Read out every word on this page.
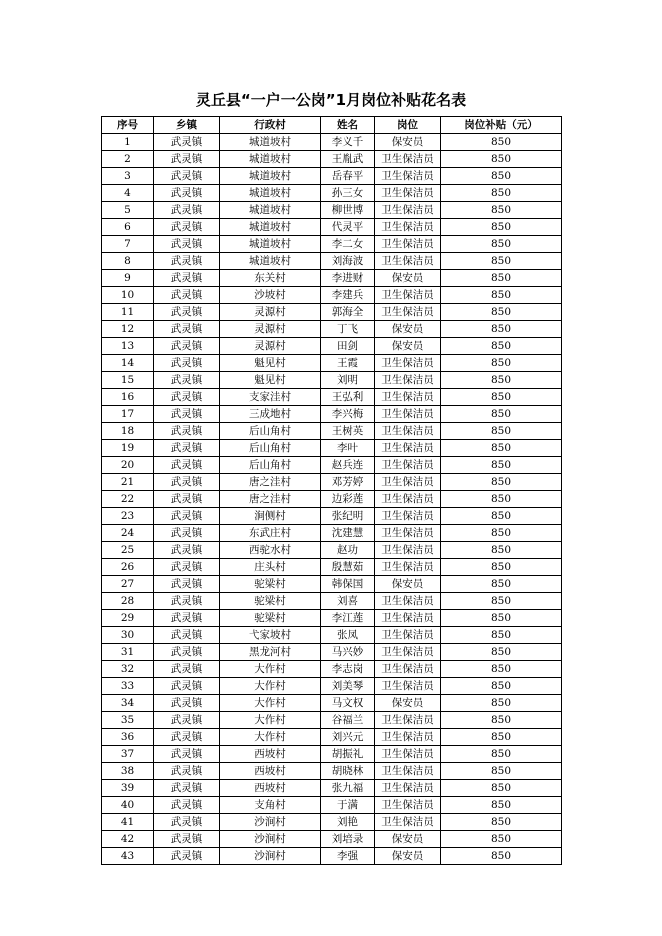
灵丘县“一户一公岗”1月岗位补贴花名表
序号	乡镇	行政村	姓名	岗位	岗位补贴（元）
1	武灵镇	城道坡村	李义千	保安员	850
2	武灵镇	城道坡村	王胤武	卫生保洁员	850
3	武灵镇	城道坡村	岳春平	卫生保洁员	850
4	武灵镇	城道坡村	孙三女	卫生保洁员	850
5	武灵镇	城道坡村	柳世博	卫生保洁员	850
6	武灵镇	城道坡村	代灵平	卫生保洁员	850
7	武灵镇	城道坡村	李二女	卫生保洁员	850
8	武灵镇	城道坡村	刘海波	卫生保洁员	850
9	武灵镇	东关村	李进财	保安员	850
10	武灵镇	沙坡村	李建兵	卫生保洁员	850
11	武灵镇	灵源村	郭海全	卫生保洁员	850
12	武灵镇	灵源村	丁飞	保安员	850
13	武灵镇	灵源村	田剑	保安员	850
14	武灵镇	魁见村	王霞	卫生保洁员	850
15	武灵镇	魁见村	刘明	卫生保洁员	850
16	武灵镇	支家洼村	王弘利	卫生保洁员	850
17	武灵镇	三成地村	李兴梅	卫生保洁员	850
18	武灵镇	后山角村	王树英	卫生保洁员	850
19	武灵镇	后山角村	李叶	卫生保洁员	850
20	武灵镇	后山角村	赵兵连	卫生保洁员	850
21	武灵镇	唐之洼村	邓芳婷	卫生保洁员	850
22	武灵镇	唐之洼村	边彩莲	卫生保洁员	850
23	武灵镇	涧侧村	张纪明	卫生保洁员	850
24	武灵镇	东武庄村	沈建慧	卫生保洁员	850
25	武灵镇	西驼水村	赵功	卫生保洁员	850
26	武灵镇	庄头村	殷慧茹	卫生保洁员	850
27	武灵镇	驼梁村	韩保国	保安员	850
28	武灵镇	驼梁村	刘喜	卫生保洁员	850
29	武灵镇	驼梁村	李江莲	卫生保洁员	850
30	武灵镇	弋家坡村	张凤	卫生保洁员	850
31	武灵镇	黑龙河村	马兴妙	卫生保洁员	850
32	武灵镇	大作村	李志岗	卫生保洁员	850
33	武灵镇	大作村	刘美琴	卫生保洁员	850
34	武灵镇	大作村	马文权	保安员	850
35	武灵镇	大作村	谷福兰	卫生保洁员	850
36	武灵镇	大作村	刘兴元	卫生保洁员	850
37	武灵镇	西坡村	胡振礼	卫生保洁员	850
38	武灵镇	西坡村	胡晓林	卫生保洁员	850
39	武灵镇	西坡村	张九福	卫生保洁员	850
40	武灵镇	支角村	于满	卫生保洁员	850
41	武灵镇	沙涧村	刘艳	卫生保洁员	850
42	武灵镇	沙涧村	刘培录	保安员	850
43	武灵镇	沙涧村	李强	保安员	850
